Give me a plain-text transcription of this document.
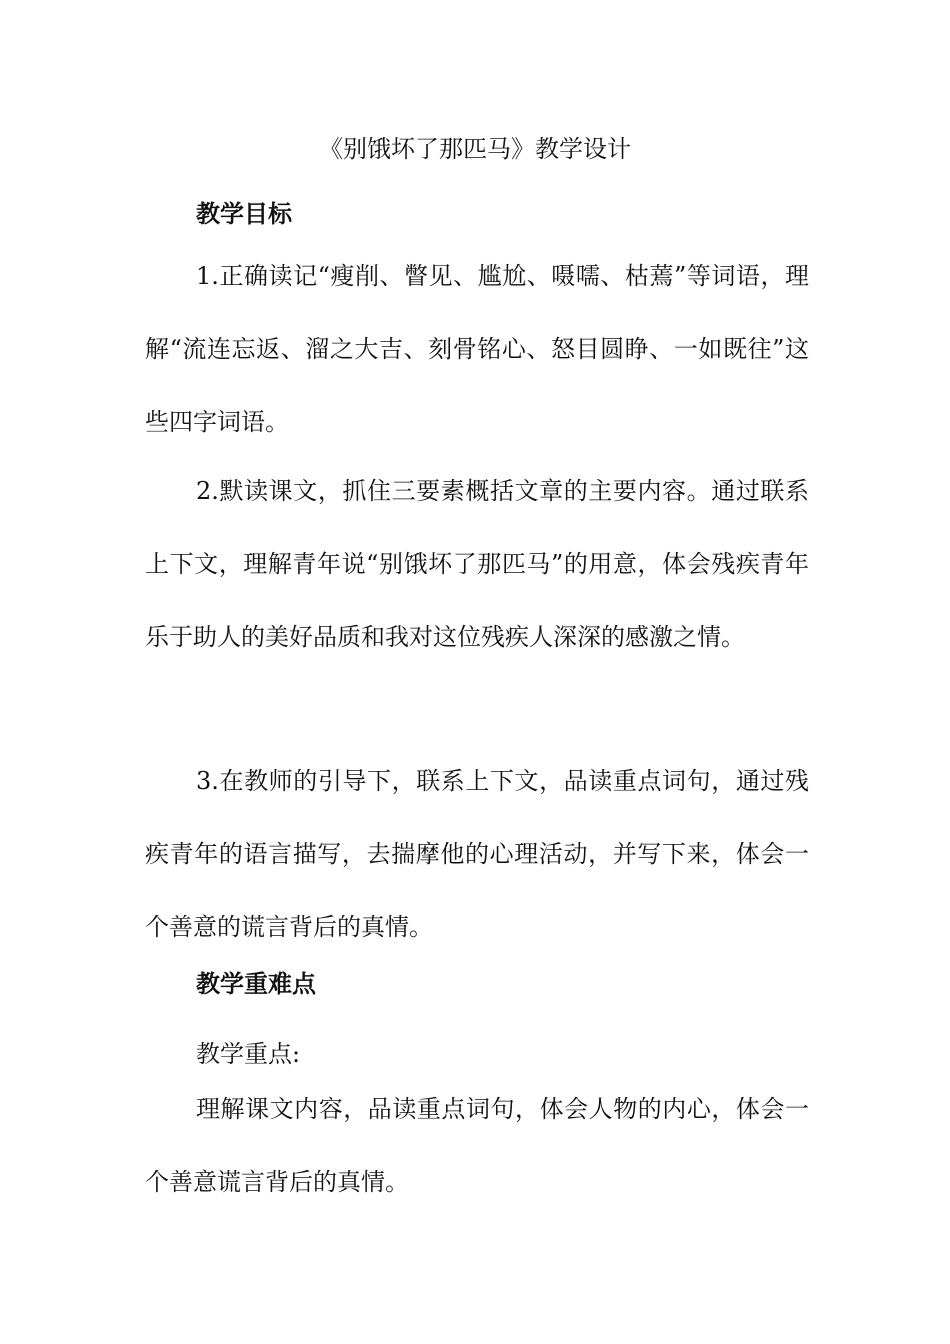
《别饿坏了那匹马》教学设计
教学目标

1.正确读记“瘦削、瞥见、尴尬、嗫嚅、枯蔫”等词语，理解“流连忘返、溜之大吉、刻骨铭心、怒目圆睁、一如既往”这些四字词语。

2.默读课文，抓住三要素概括文章的主要内容。通过联系上下文，理解青年说“别饿坏了那匹马”的用意，体会残疾青年乐于助人的美好品质和我对这位残疾人深深的感激之情。

3.在教师的引导下，联系上下文，品读重点词句，通过残疾青年的语言描写，去揣摩他的心理活动，并写下来，体会一个善意的谎言背后的真情。

教学重难点
教学重点:

理解课文内容，品读重点词句，体会人物的内心，体会一个善意谎言背后的真情。
